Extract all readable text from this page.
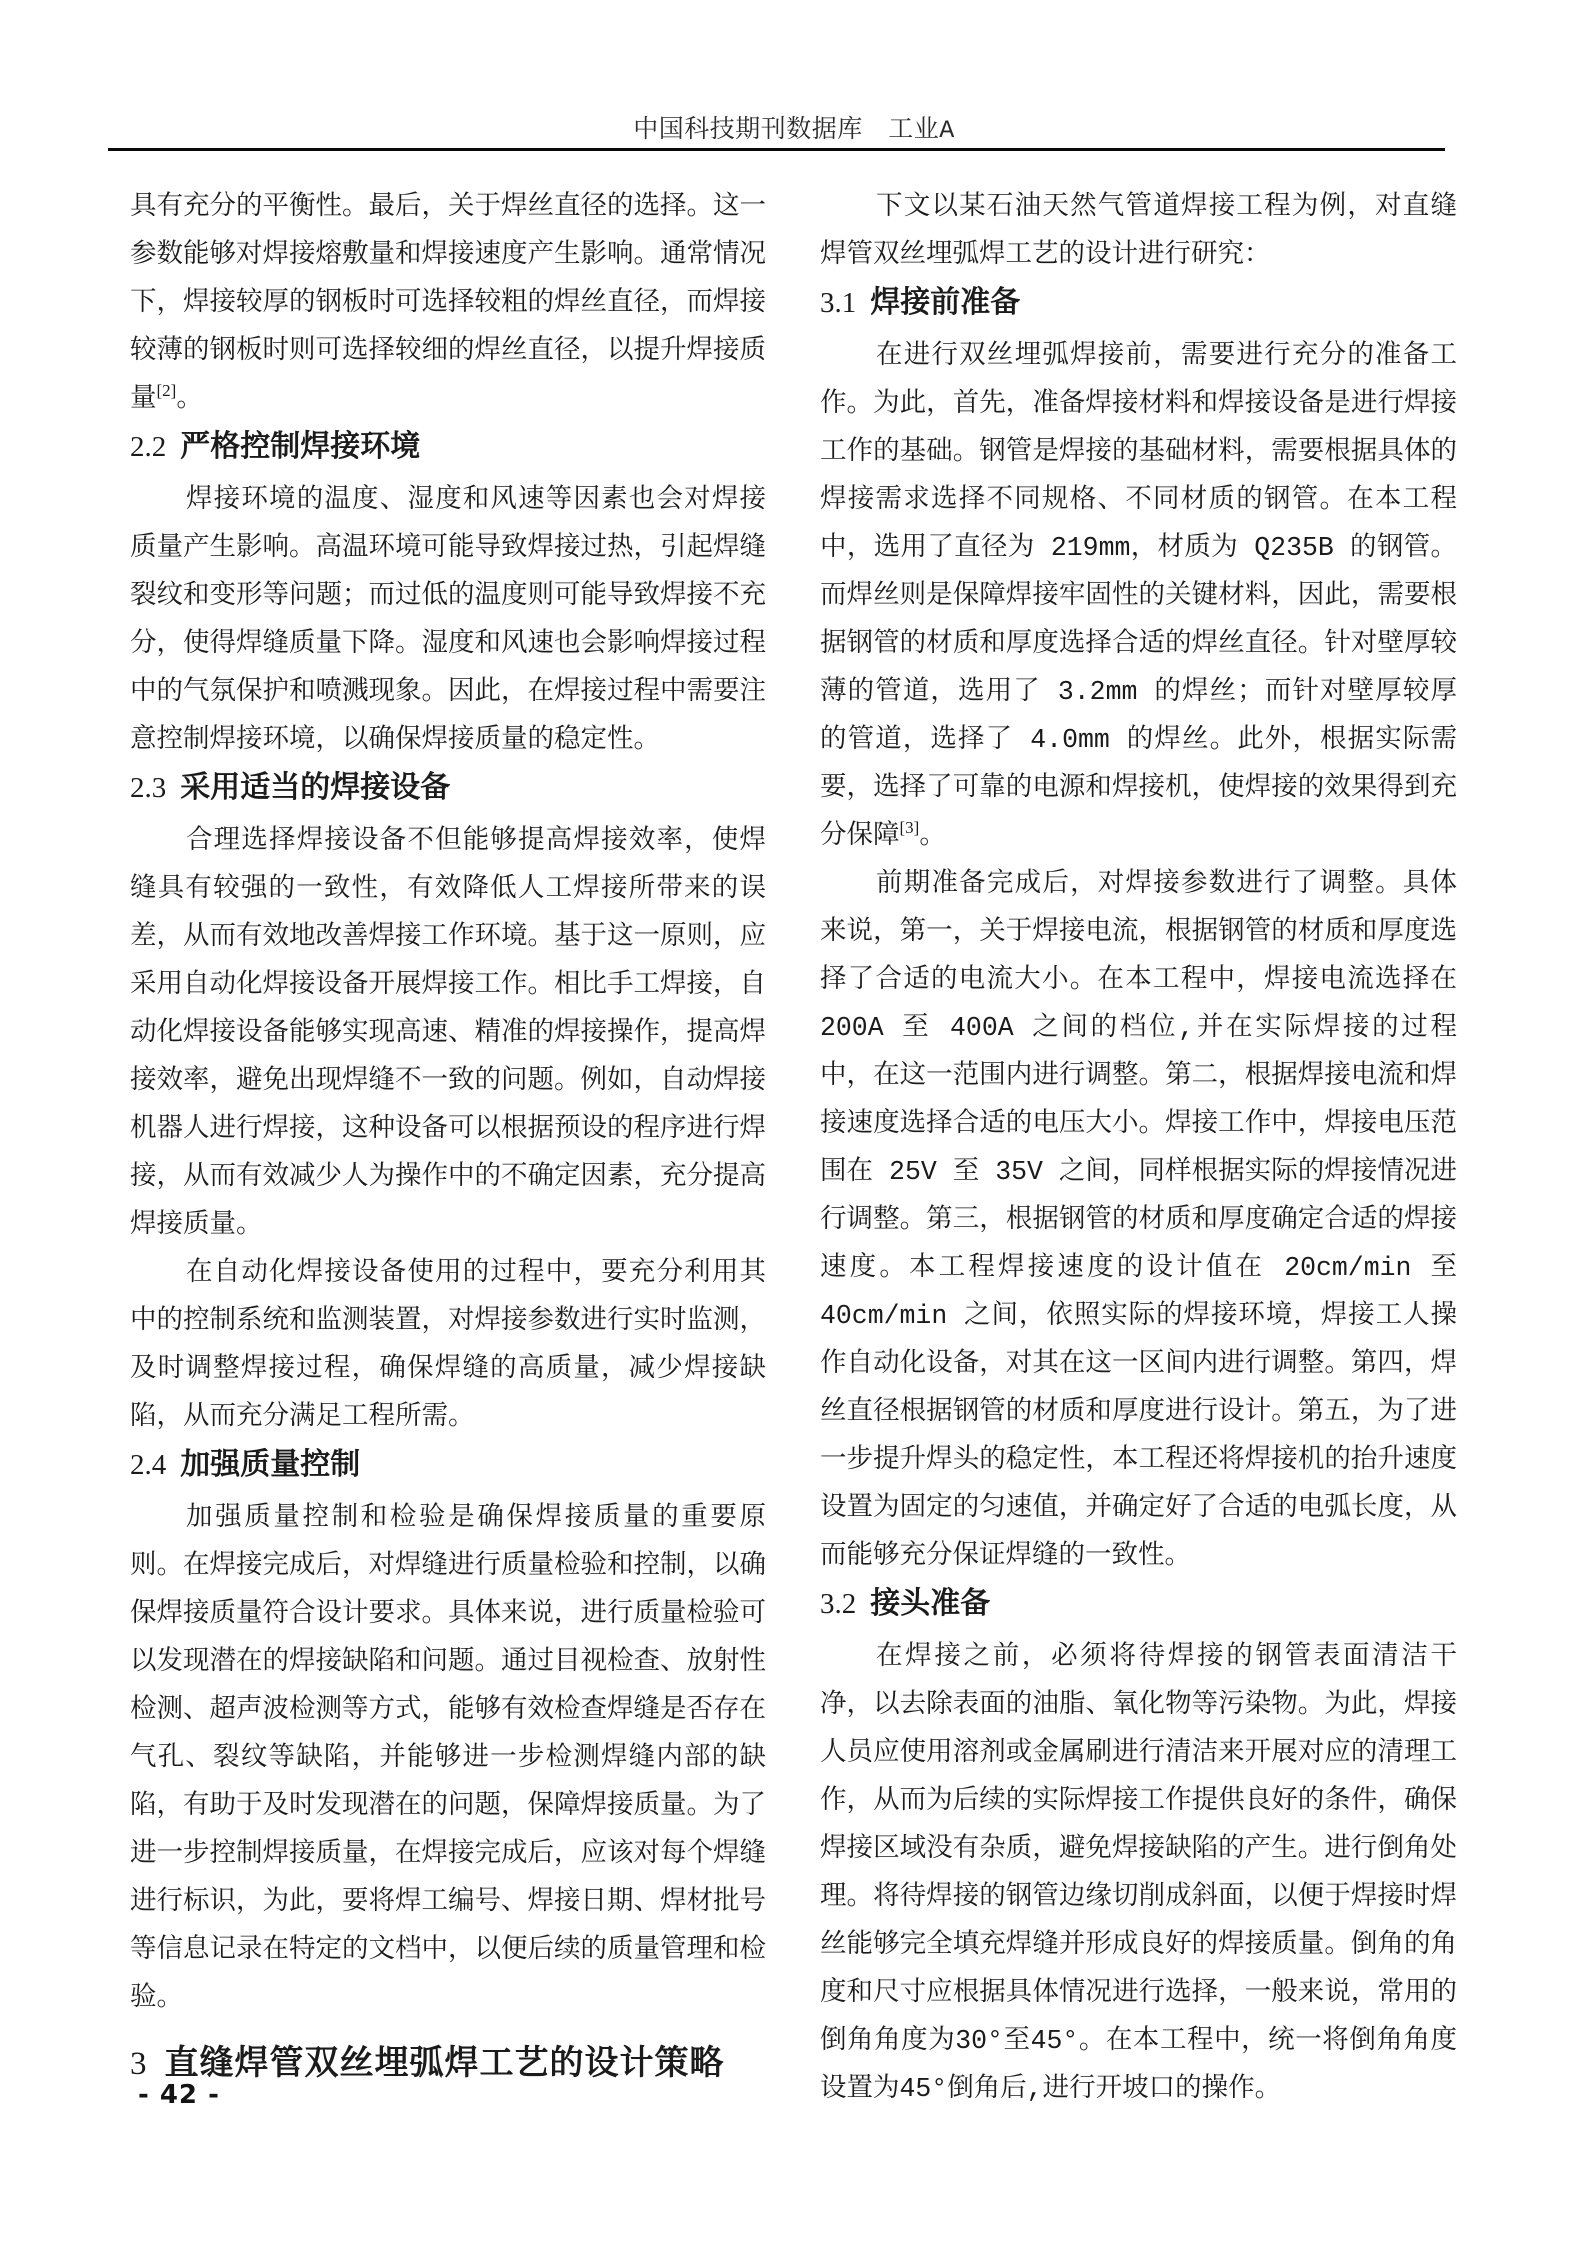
中国科技期刊数据库　工业A

具有充分的平衡性。最后，关于焊丝直径的选择。这一参数能够对焊接熔敷量和焊接速度产生影响。通常情况下，焊接较厚的钢板时可选择较粗的焊丝直径，而焊接较薄的钢板时则可选择较细的焊丝直径，以提升焊接质量[2]。

2.2 严格控制焊接环境

焊接环境的温度、湿度和风速等因素也会对焊接质量产生影响。高温环境可能导致焊接过热，引起焊缝裂纹和变形等问题；而过低的温度则可能导致焊接不充分，使得焊缝质量下降。湿度和风速也会影响焊接过程中的气氛保护和喷溅现象。因此，在焊接过程中需要注意控制焊接环境，以确保焊接质量的稳定性。

2.3 采用适当的焊接设备

合理选择焊接设备不但能够提高焊接效率，使焊缝具有较强的一致性，有效降低人工焊接所带来的误差，从而有效地改善焊接工作环境。基于这一原则，应采用自动化焊接设备开展焊接工作。相比手工焊接，自动化焊接设备能够实现高速、精准的焊接操作，提高焊接效率，避免出现焊缝不一致的问题。例如，自动焊接机器人进行焊接，这种设备可以根据预设的程序进行焊接，从而有效减少人为操作中的不确定因素，充分提高焊接质量。

在自动化焊接设备使用的过程中，要充分利用其中的控制系统和监测装置，对焊接参数进行实时监测，及时调整焊接过程，确保焊缝的高质量，减少焊接缺陷，从而充分满足工程所需。

2.4 加强质量控制

加强质量控制和检验是确保焊接质量的重要原则。在焊接完成后，对焊缝进行质量检验和控制，以确保焊接质量符合设计要求。具体来说，进行质量检验可以发现潜在的焊接缺陷和问题。通过目视检查、放射性检测、超声波检测等方式，能够有效检查焊缝是否存在气孔、裂纹等缺陷，并能够进一步检测焊缝内部的缺陷，有助于及时发现潜在的问题，保障焊接质量。为了进一步控制焊接质量，在焊接完成后，应该对每个焊缝进行标识，为此，要将焊工编号、焊接日期、焊材批号等信息记录在特定的文档中，以便后续的质量管理和检验。

3 直缝焊管双丝埋弧焊工艺的设计策略

下文以某石油天然气管道焊接工程为例，对直缝焊管双丝埋弧焊工艺的设计进行研究：

3.1 焊接前准备

在进行双丝埋弧焊接前，需要进行充分的准备工作。为此，首先，准备焊接材料和焊接设备是进行焊接工作的基础。钢管是焊接的基础材料，需要根据具体的焊接需求选择不同规格、不同材质的钢管。在本工程中，选用了直径为 219mm，材质为 Q235B 的钢管。而焊丝则是保障焊接牢固性的关键材料，因此，需要根据钢管的材质和厚度选择合适的焊丝直径。针对壁厚较薄的管道，选用了 3.2mm 的焊丝；而针对壁厚较厚的管道，选择了 4.0mm 的焊丝。此外，根据实际需要，选择了可靠的电源和焊接机，使焊接的效果得到充分保障[3]。

前期准备完成后，对焊接参数进行了调整。具体来说，第一，关于焊接电流，根据钢管的材质和厚度选择了合适的电流大小。在本工程中，焊接电流选择在 200A 至 400A 之间的档位,并在实际焊接的过程中，在这一范围内进行调整。第二，根据焊接电流和焊接速度选择合适的电压大小。焊接工作中，焊接电压范围在 25V 至 35V 之间，同样根据实际的焊接情况进行调整。第三，根据钢管的材质和厚度确定合适的焊接速度。本工程焊接速度的设计值在 20cm/min 至 40cm/min 之间，依照实际的焊接环境，焊接工人操作自动化设备，对其在这一区间内进行调整。第四，焊丝直径根据钢管的材质和厚度进行设计。第五，为了进一步提升焊头的稳定性，本工程还将焊接机的抬升速度设置为固定的匀速值，并确定好了合适的电弧长度，从而能够充分保证焊缝的一致性。

3.2 接头准备

在焊接之前，必须将待焊接的钢管表面清洁干净，以去除表面的油脂、氧化物等污染物。为此，焊接人员应使用溶剂或金属刷进行清洁来开展对应的清理工作，从而为后续的实际焊接工作提供良好的条件，确保焊接区域没有杂质，避免焊接缺陷的产生。进行倒角处理。将待焊接的钢管边缘切削成斜面，以便于焊接时焊丝能够完全填充焊缝并形成良好的焊接质量。倒角的角度和尺寸应根据具体情况进行选择，一般来说，常用的倒角角度为30°至45°。在本工程中，统一将倒角角度设置为45°倒角后,进行开坡口的操作。

- 42 -
